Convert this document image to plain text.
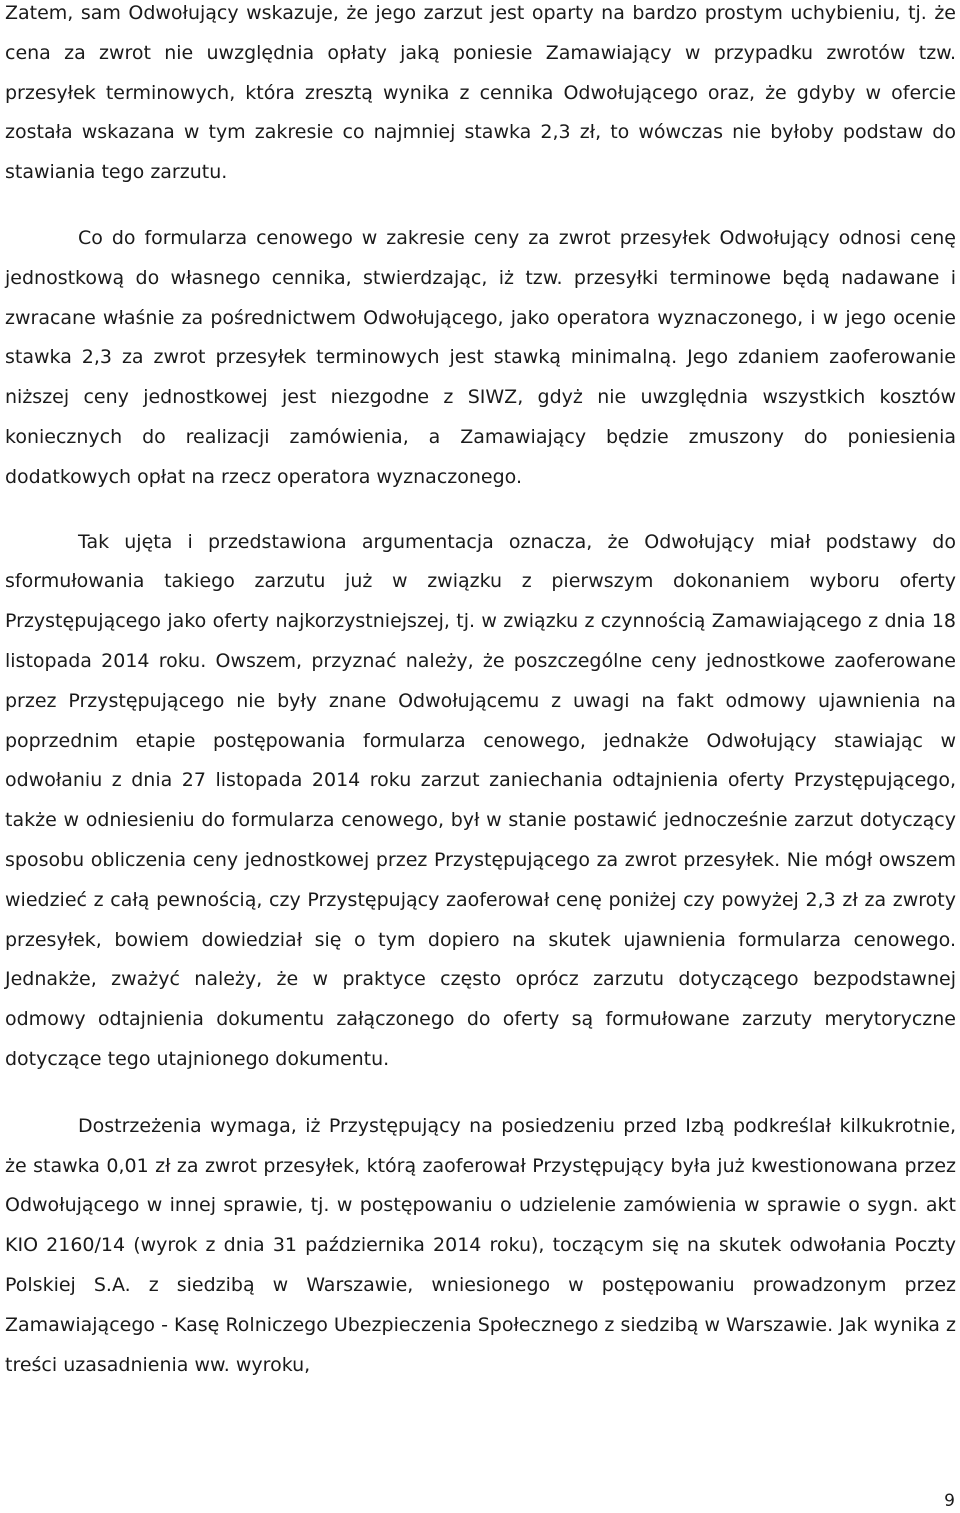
Zatem, sam Odwołujący wskazuje, że jego zarzut jest oparty na bardzo prostym uchybieniu, tj. że cena za zwrot nie uwzględnia opłaty jaką poniesie Zamawiający w przypadku zwrotów tzw. przesyłek terminowych, która zresztą wynika z cennika Odwołującego oraz, że gdyby w ofercie została wskazana w tym zakresie co najmniej stawka 2,3 zł, to wówczas nie byłoby podstaw do stawiania tego zarzutu.

Co do formularza cenowego w zakresie ceny za zwrot przesyłek Odwołujący odnosi cenę jednostkową do własnego cennika, stwierdzając, iż tzw. przesyłki terminowe będą nadawane i zwracane właśnie za pośrednictwem Odwołującego, jako operatora wyznaczonego, i w jego ocenie stawka 2,3 za zwrot przesyłek terminowych jest stawką minimalną. Jego zdaniem zaoferowanie niższej ceny jednostkowej jest niezgodne z SIWZ, gdyż nie uwzględnia wszystkich kosztów koniecznych do realizacji zamówienia, a Zamawiający będzie zmuszony do poniesienia dodatkowych opłat na rzecz operatora wyznaczonego.

Tak ujęta i przedstawiona argumentacja oznacza, że Odwołujący miał podstawy do sformułowania takiego zarzutu już w związku z pierwszym dokonaniem wyboru oferty Przystępującego jako oferty najkorzystniejszej, tj. w związku z czynnością Zamawiającego z dnia 18 listopada 2014 roku. Owszem, przyznać należy, że poszczególne ceny jednostkowe zaoferowane przez Przystępującego nie były znane Odwołującemu z uwagi na fakt odmowy ujawnienia na poprzednim etapie postępowania formularza cenowego, jednakże Odwołujący stawiając w odwołaniu z dnia 27 listopada 2014 roku zarzut zaniechania odtajnienia oferty Przystępującego, także w odniesieniu do formularza cenowego, był w stanie postawić jednocześnie zarzut dotyczący sposobu obliczenia ceny jednostkowej przez Przystępującego za zwrot przesyłek. Nie mógł owszem wiedzieć z całą pewnością, czy Przystępujący zaoferował cenę poniżej czy powyżej 2,3 zł za zwroty przesyłek, bowiem dowiedział się o tym dopiero na skutek ujawnienia formularza cenowego. Jednakże, zważyć należy, że w praktyce często oprócz zarzutu dotyczącego bezpodstawnej odmowy odtajnienia dokumentu załączonego do oferty są formułowane zarzuty merytoryczne dotyczące tego utajnionego dokumentu.

Dostrzeżenia wymaga, iż Przystępujący na posiedzeniu przed Izbą podkreślał kilkukrotnie, że stawka 0,01 zł za zwrot przesyłek, którą zaoferował Przystępujący była już kwestionowana przez Odwołującego w innej sprawie, tj. w postępowaniu o udzielenie zamówienia w sprawie o sygn. akt KIO 2160/14 (wyrok z dnia 31 października 2014 roku), toczącym się na skutek odwołania Poczty Polskiej S.A. z siedzibą w Warszawie, wniesionego w postępowaniu prowadzonym przez Zamawiającego - Kasę Rolniczego Ubezpieczenia Społecznego z siedzibą w Warszawie. Jak wynika z treści uzasadnienia ww. wyroku,

9
